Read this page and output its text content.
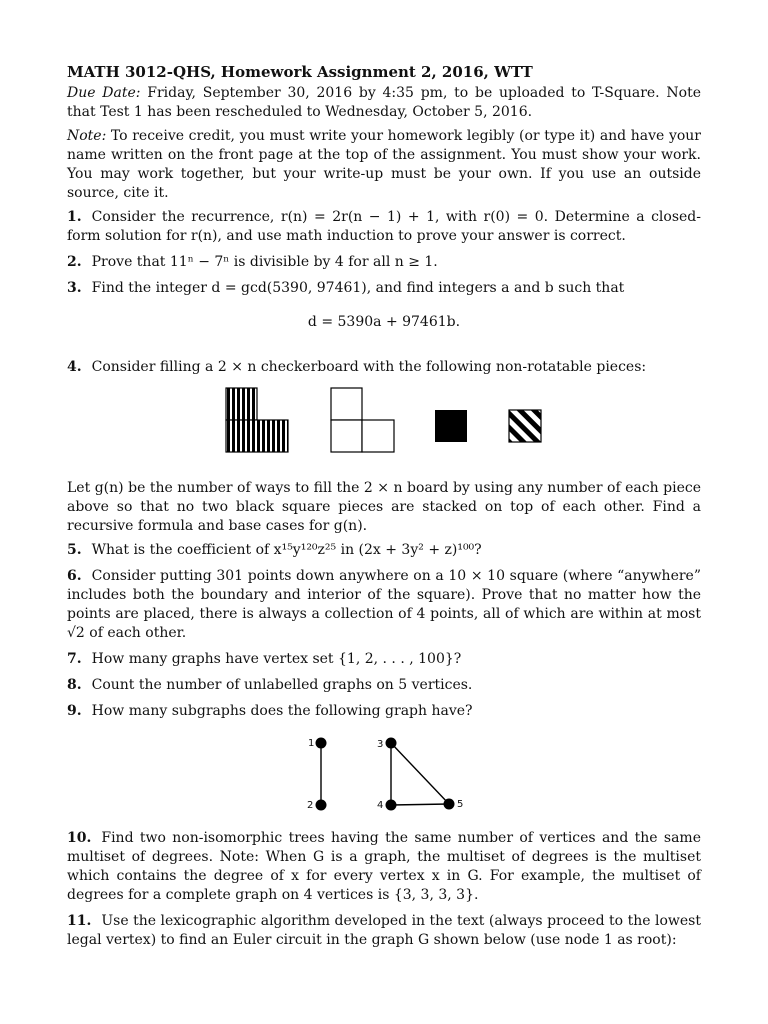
MATH 3012-QHS, Homework Assignment 2, 2016, WTT

Due Date: Friday, September 30, 2016 by 4:35 pm, to be uploaded to T-Square. Note that Test 1 has been rescheduled to Wednesday, October 5, 2016.

Note: To receive credit, you must write your homework legibly (or type it) and have your name written on the front page at the top of the assignment. You must show your work. You may work together, but your write-up must be your own. If you use an outside source, cite it.

1. Consider the recurrence, r(n) = 2r(n − 1) + 1, with r(0) = 0. Determine a closed-form solution for r(n), and use math induction to prove your answer is correct.

2. Prove that 11ⁿ − 7ⁿ is divisible by 4 for all n ≥ 1.

3. Find the integer d = gcd(5390, 97461), and find integers a and b such that

d = 5390a + 97461b.

4. Consider filling a 2 × n checkerboard with the following non-rotatable pieces:

Let g(n) be the number of ways to fill the 2 × n board by using any number of each piece above so that no two black square pieces are stacked on top of each other. Find a recursive formula and base cases for g(n).

5. What is the coefficient of x¹⁵y¹²⁰z²⁵ in (2x + 3y² + z)¹⁰⁰?

6. Consider putting 301 points down anywhere on a 10 × 10 square (where “anywhere” includes both the boundary and interior of the square). Prove that no matter how the points are placed, there is always a collection of 4 points, all of which are within at most √2 of each other.

7. How many graphs have vertex set {1, 2, . . . , 100}?

8. Count the number of unlabelled graphs on 5 vertices.

9. How many subgraphs does the following graph have?

1
2
3
4	5

10. Find two non-isomorphic trees having the same number of vertices and the same multiset of degrees. Note: When G is a graph, the multiset of degrees is the multiset which contains the degree of x for every vertex x in G. For example, the multiset of degrees for a complete graph on 4 vertices is {3, 3, 3, 3}.

11. Use the lexicographic algorithm developed in the text (always proceed to the lowest legal vertex) to find an Euler circuit in the graph G shown below (use node 1 as root):
